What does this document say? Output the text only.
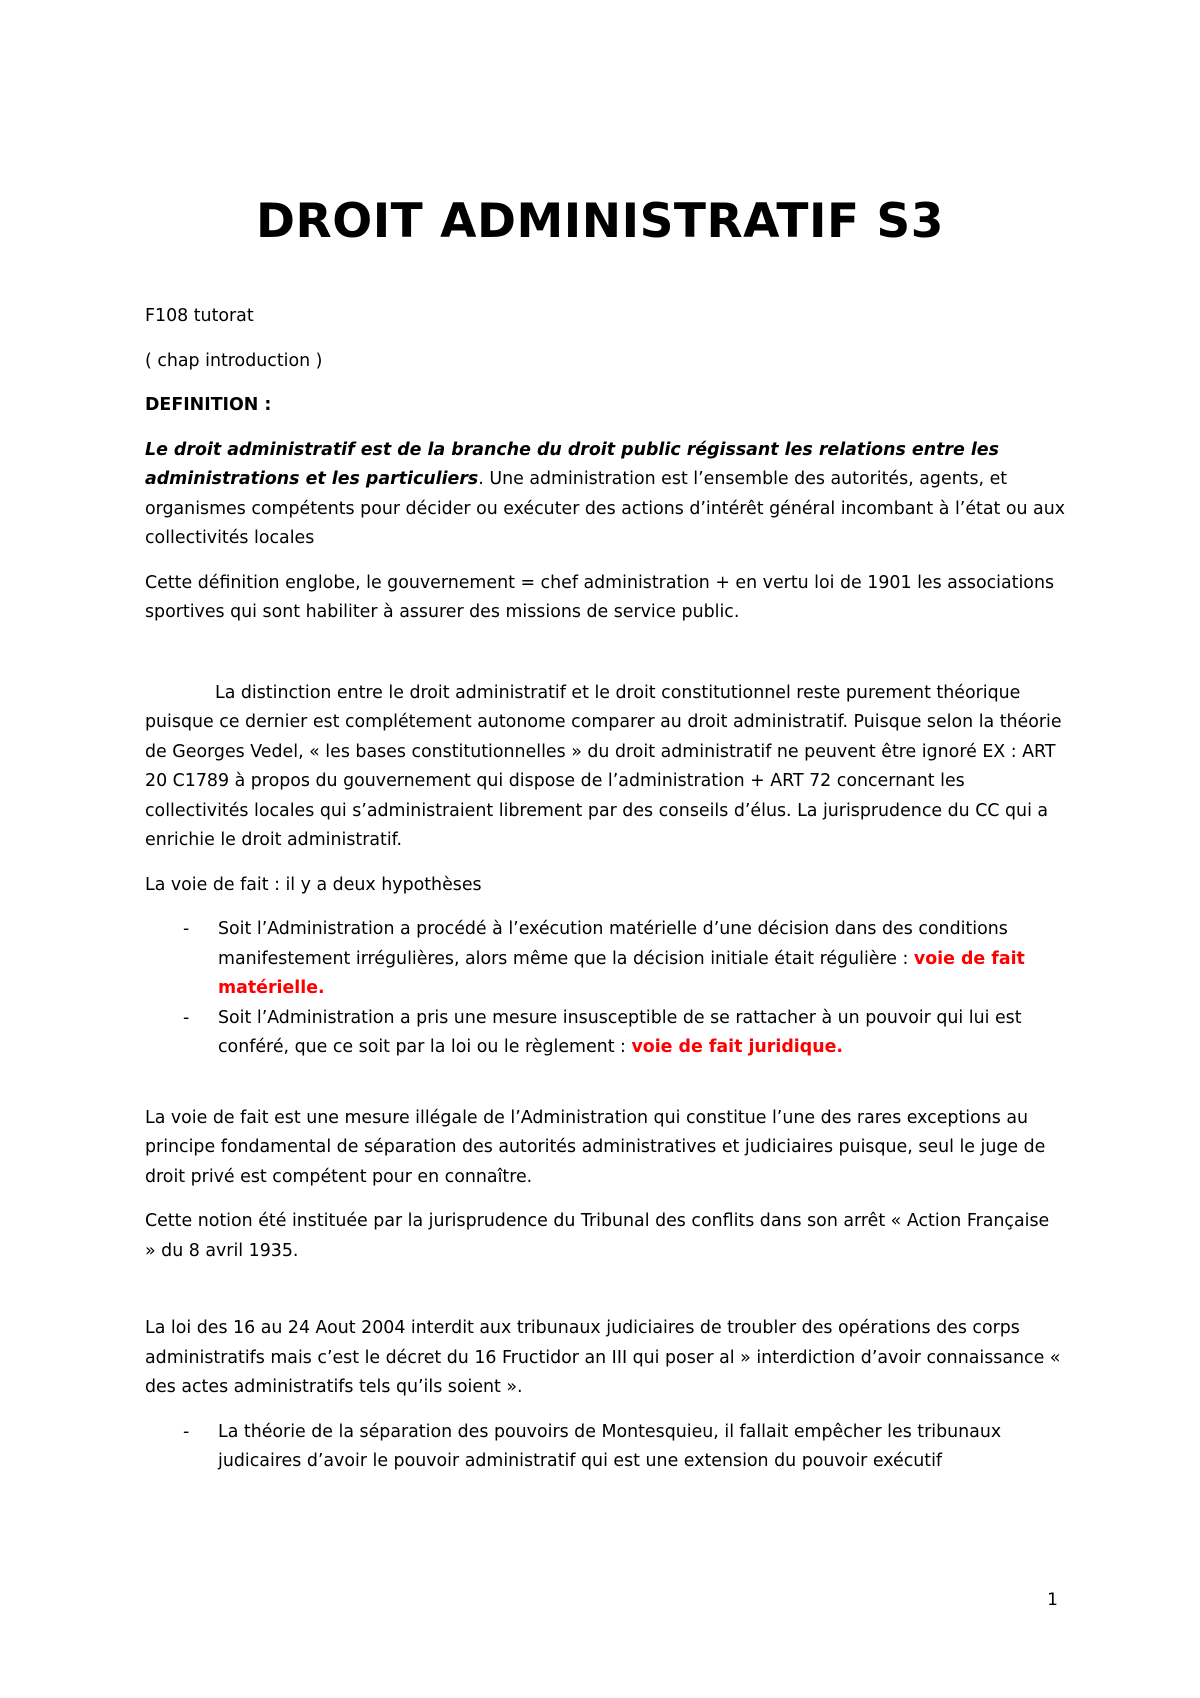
DROIT ADMINISTRATIF S3

F108 tutorat

( chap introduction )

DEFINITION :

Le droit administratif est de la branche du droit public régissant les relations entre les administrations et les particuliers. Une administration est l’ensemble des autorités, agents, et organismes compétents pour décider ou exécuter des actions d’intérêt général incombant à l’état ou aux collectivités locales

Cette définition englobe, le gouvernement = chef administration + en vertu loi de 1901 les associations sportives qui sont habiliter à assurer des missions de service public.

La distinction entre le droit administratif et le droit constitutionnel reste purement théorique puisque ce dernier est complétement autonome comparer au droit administratif. Puisque selon la théorie de Georges Vedel, « les bases constitutionnelles » du droit administratif ne peuvent être ignoré EX : ART 20 C1789 à propos du gouvernement qui dispose de l’administration + ART 72 concernant les collectivités locales qui s’administraient librement par des conseils d’élus. La jurisprudence du CC qui a enrichie le droit administratif.

La voie de fait : il y a deux hypothèses

- Soit l’Administration a procédé à l’exécution matérielle d’une décision dans des conditions manifestement irrégulières, alors même que la décision initiale était régulière : voie de fait matérielle.
- Soit l’Administration a pris une mesure insusceptible de se rattacher à un pouvoir qui lui est conféré, que ce soit par la loi ou le règlement : voie de fait juridique.

La voie de fait est une mesure illégale de l’Administration qui constitue l’une des rares exceptions au principe fondamental de séparation des autorités administratives et judiciaires puisque, seul le juge de droit privé est compétent pour en connaître.

Cette notion été instituée par la jurisprudence du Tribunal des conflits dans son arrêt « Action Française » du 8 avril 1935.

La loi des 16 au 24 Aout 2004 interdit aux tribunaux judiciaires de troubler des opérations des corps administratifs mais c’est le décret du 16 Fructidor an III qui poser al » interdiction d’avoir connaissance « des actes administratifs tels qu’ils soient ».

- La théorie de la séparation des pouvoirs de Montesquieu, il fallait empêcher les tribunaux judicaires d’avoir le pouvoir administratif qui est une extension du pouvoir exécutif
1
